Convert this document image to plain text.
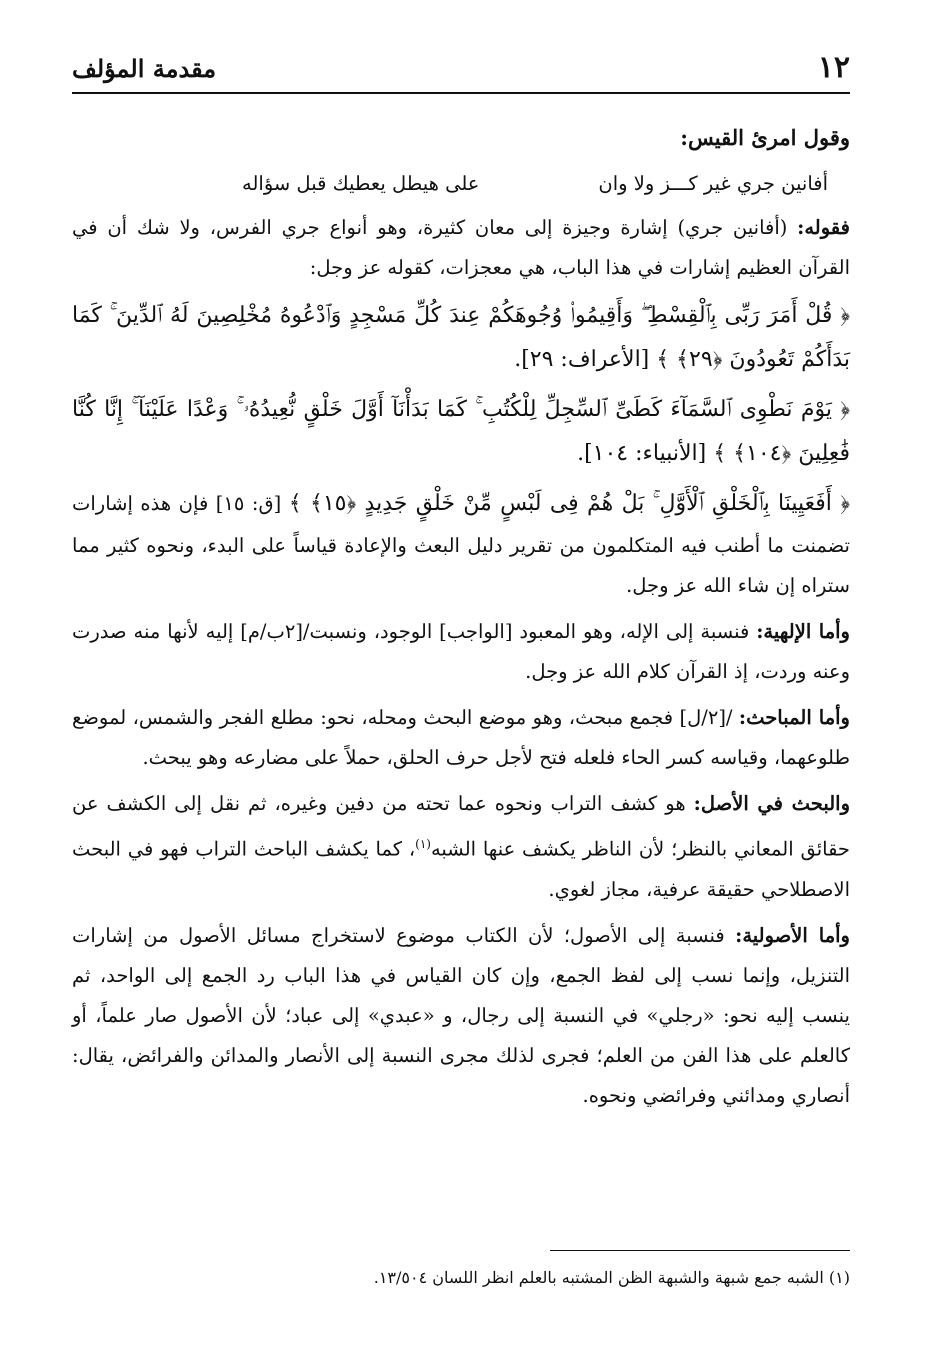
١٢
مقدمة المؤلف

وقول امرئ القيس:

أفانين جري غير كـــز ولا وان
على هيطل يعطيك قبل سؤاله

فقوله: (أفانين جري) إشارة وجيزة إلى معان كثيرة، وهو أنواع جري الفرس، ولا شك أن في القرآن العظيم إشارات في هذا الباب، هي معجزات، كقوله عز وجل:

﴿ قُلْ أَمَرَ رَبِّى بِٱلْقِسْطِ ۖ وَأَقِيمُوا۟ وُجُوهَكُمْ عِندَ كُلِّ مَسْجِدٍ وَٱدْعُوهُ مُخْلِصِينَ لَهُ ٱلدِّينَ ۚ كَمَا بَدَأَكُمْ تَعُودُونَ ﴿٢٩﴾ ﴾ [الأعراف: ٢٩].

﴿ يَوْمَ نَطْوِى ٱلسَّمَآءَ كَطَىِّ ٱلسِّجِلِّ لِلْكُتُبِ ۚ كَمَا بَدَأْنَآ أَوَّلَ خَلْقٍ نُّعِيدُهُۥ ۚ وَعْدًا عَلَيْنَآ ۚ إِنَّا كُنَّا فَٰعِلِينَ ﴿١٠٤﴾ ﴾ [الأنبياء: ١٠٤].

﴿ أَفَعَيِينَا بِٱلْخَلْقِ ٱلْأَوَّلِ ۚ بَلْ هُمْ فِى لَبْسٍ مِّنْ خَلْقٍ جَدِيدٍ ﴿١٥﴾ ﴾ [ق: ١٥] فإن هذه إشارات تضمنت ما أطنب فيه المتكلمون من تقرير دليل البعث والإعادة قياساً على البدء، ونحوه كثير مما ستراه إن شاء الله عز وجل.

وأما الإلهية: فنسبة إلى الإله، وهو المعبود [الواجب] الوجود، ونسبت/[٢ب/م] إليه لأنها منه صدرت وعنه وردت، إذ القرآن كلام الله عز وجل.

وأما المباحث: /[٢/ل] فجمع مبحث، وهو موضع البحث ومحله، نحو: مطلع الفجر والشمس، لموضع طلوعهما، وقياسه كسر الحاء فلعله فتح لأجل حرف الحلق، حملاً على مضارعه وهو يبحث.

والبحث في الأصل: هو كشف التراب ونحوه عما تحته من دفين وغيره، ثم نقل إلى الكشف عن حقائق المعاني بالنظر؛ لأن الناظر يكشف عنها الشبه$^{(١)}$، كما يكشف الباحث التراب فهو في البحث الاصطلاحي حقيقة عرفية، مجاز لغوي.

وأما الأصولية: فنسبة إلى الأصول؛ لأن الكتاب موضوع لاستخراج مسائل الأصول من إشارات التنزيل، وإنما نسب إلى لفظ الجمع، وإن كان القياس في هذا الباب رد الجمع إلى الواحد، ثم ينسب إليه نحو: «رجلي» في النسبة إلى رجال، و «عبدي» إلى عباد؛ لأن الأصول صار علماً، أو كالعلم على هذا الفن من العلم؛ فجرى لذلك مجرى النسبة إلى الأنصار والمدائن والفرائض، يقال: أنصاري ومدائني وفرائضي ونحوه.

(١) الشبه جمع شبهة والشبهة الظن المشتبه بالعلم انظر اللسان ١٣/٥٠٤.
